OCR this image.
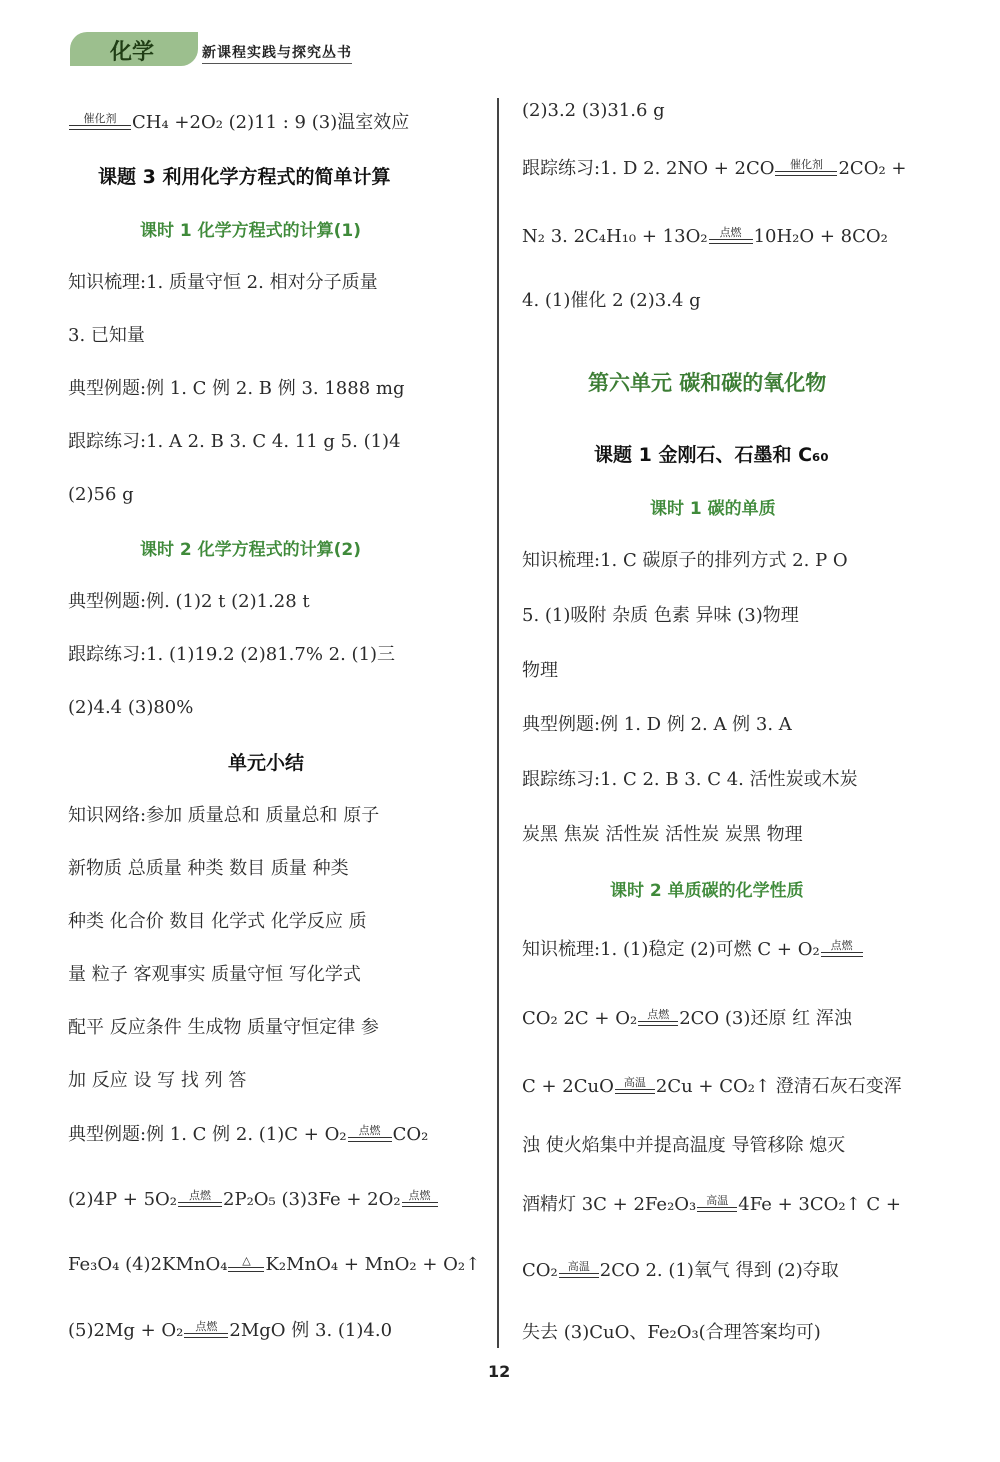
化学	新课程实践与探究丛书
催化剂 CH₄ +2O₂ (2)11 : 9 (3)温室效应
课题 3 利用化学方程式的简单计算
课时 1 化学方程式的计算(1)
知识梳理:1. 质量守恒 2. 相对分子质量
3. 已知量
典型例题:例 1. C 例 2. B 例 3. 1888 mg
跟踪练习:1. A 2. B 3. C 4. 11 g 5. (1)4
(2)56 g
课时 2 化学方程式的计算(2)
典型例题:例. (1)2 t (2)1.28 t
跟踪练习:1. (1)19.2 (2)81.7% 2. (1)三
(2)4.4 (3)80%
单元小结
知识网络:参加 质量总和 质量总和 原子
新物质 总质量 种类 数目 质量 种类
种类 化合价 数目 化学式 化学反应 质
量 粒子 客观事实 质量守恒 写化学式
配平 反应条件 生成物 质量守恒定律 参
加 反应 设 写 找 列 答
典型例题:例 1. C 例 2. (1)C + O₂	点燃 CO₂
(2)4P + 5O₂	点燃 2P₂O₅ (3)3Fe + 2O₂ 点燃
Fe₃O₄ (4)2KMnO₄	△ K₂MnO₄ + MnO₂ + O₂↑
(5)2Mg + O₂	点燃 2MgO 例 3. (1)4.0
(2)3.2 (3)31.6 g
跟踪练习:1. D 2. 2NO + 2CO	催化剂 2CO₂ +
N₂ 3. 2C₄H₁₀ + 13O₂	点燃 10H₂O + 8CO₂
4. (1)催化 2 (2)3.4 g
第六单元 碳和碳的氧化物
课题 1 金刚石、石墨和 C₆₀
课时 1 碳的单质
知识梳理:1. C 碳原子的排列方式 2. P O
5. (1)吸附 杂质 色素 异味 (3)物理
物理
典型例题:例 1. D 例 2. A 例 3. A
跟踪练习:1. C 2. B 3. C 4. 活性炭或木炭
炭黑 焦炭 活性炭 活性炭 炭黑 物理
课时 2 单质碳的化学性质
知识梳理:1. (1)稳定 (2)可燃 C + O₂	点燃
CO₂ 2C + O₂ 点燃 2CO (3)还原 红 浑浊
C + 2CuO 高温 2Cu + CO₂↑ 澄清石灰石变浑
浊 使火焰集中并提高温度 导管移除 熄灭
酒精灯 3C + 2Fe₂O₃ 高温 4Fe + 3CO₂↑ C +
CO₂ 高温 2CO 2. (1)氧气 得到 (2)夺取
失去 (3)CuO、Fe₂O₃(合理答案均可)
12
